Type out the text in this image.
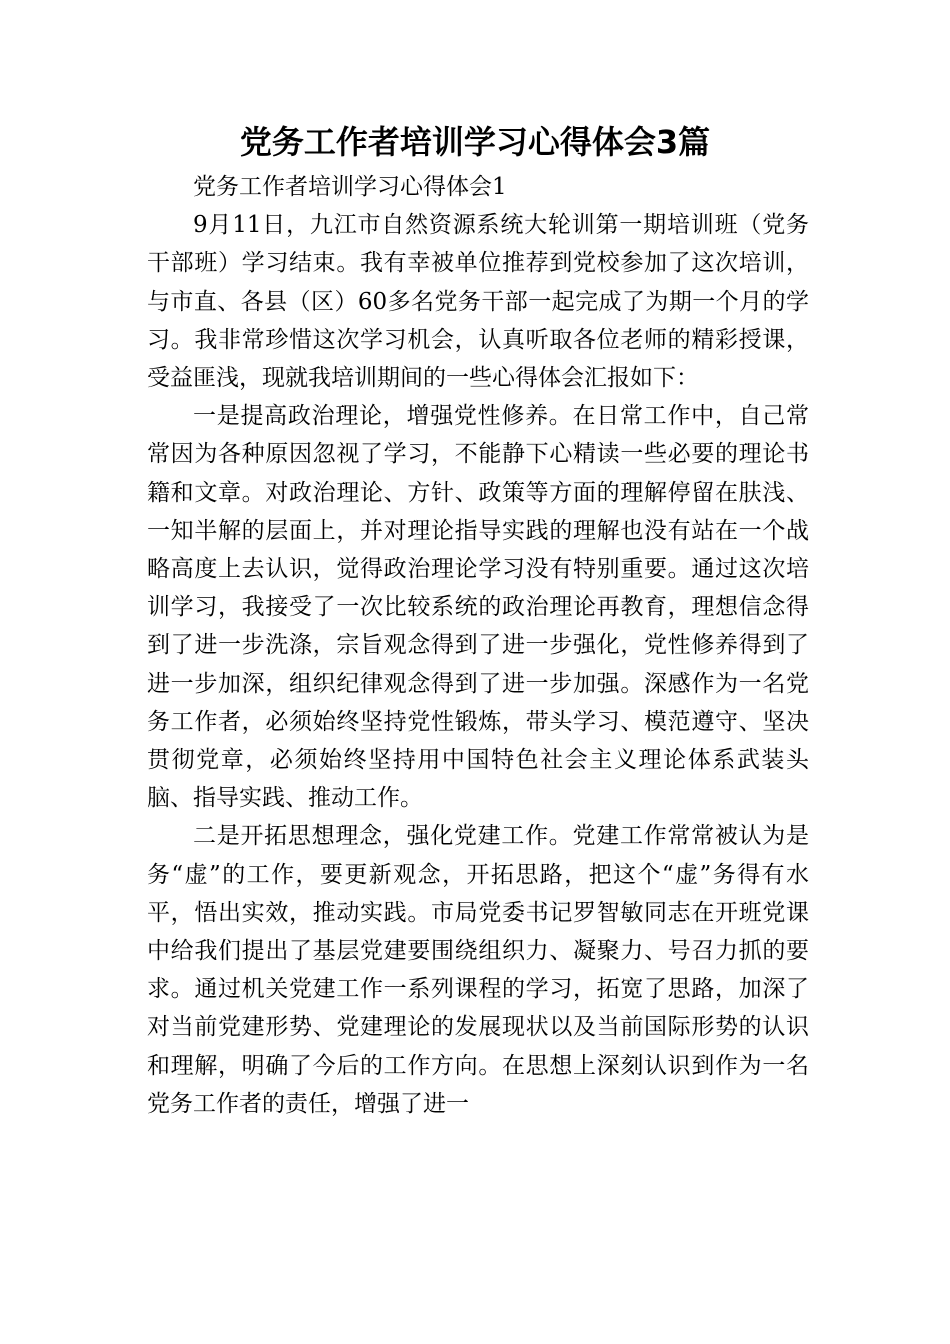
党务工作者培训学习心得体会3篇

党务工作者培训学习心得体会1

9月11日，九江市自然资源系统大轮训第一期培训班（党务干部班）学习结束。我有幸被单位推荐到党校参加了这次培训，与市直、各县（区）60多名党务干部一起完成了为期一个月的学习。我非常珍惜这次学习机会，认真听取各位老师的精彩授课，受益匪浅，现就我培训期间的一些心得体会汇报如下：

一是提高政治理论，增强党性修养。在日常工作中，自己常常因为各种原因忽视了学习，不能静下心精读一些必要的理论书籍和文章。对政治理论、方针、政策等方面的理解停留在肤浅、一知半解的层面上，并对理论指导实践的理解也没有站在一个战略高度上去认识，觉得政治理论学习没有特别重要。通过这次培训学习，我接受了一次比较系统的政治理论再教育，理想信念得到了进一步洗涤，宗旨观念得到了进一步强化，党性修养得到了进一步加深，组织纪律观念得到了进一步加强。深感作为一名党务工作者，必须始终坚持党性锻炼，带头学习、模范遵守、坚决贯彻党章，必须始终坚持用中国特色社会主义理论体系武装头脑、指导实践、推动工作。

二是开拓思想理念，强化党建工作。党建工作常常被认为是务“虚”的工作，要更新观念，开拓思路，把这个“虚”务得有水平，悟出实效，推动实践。市局党委书记罗智敏同志在开班党课中给我们提出了基层党建要围绕组织力、凝聚力、号召力抓的要求。通过机关党建工作一系列课程的学习，拓宽了思路，加深了对当前党建形势、党建理论的发展现状以及当前国际形势的认识和理解，明确了今后的工作方向。在思想上深刻认识到作为一名党务工作者的责任，增强了进一
